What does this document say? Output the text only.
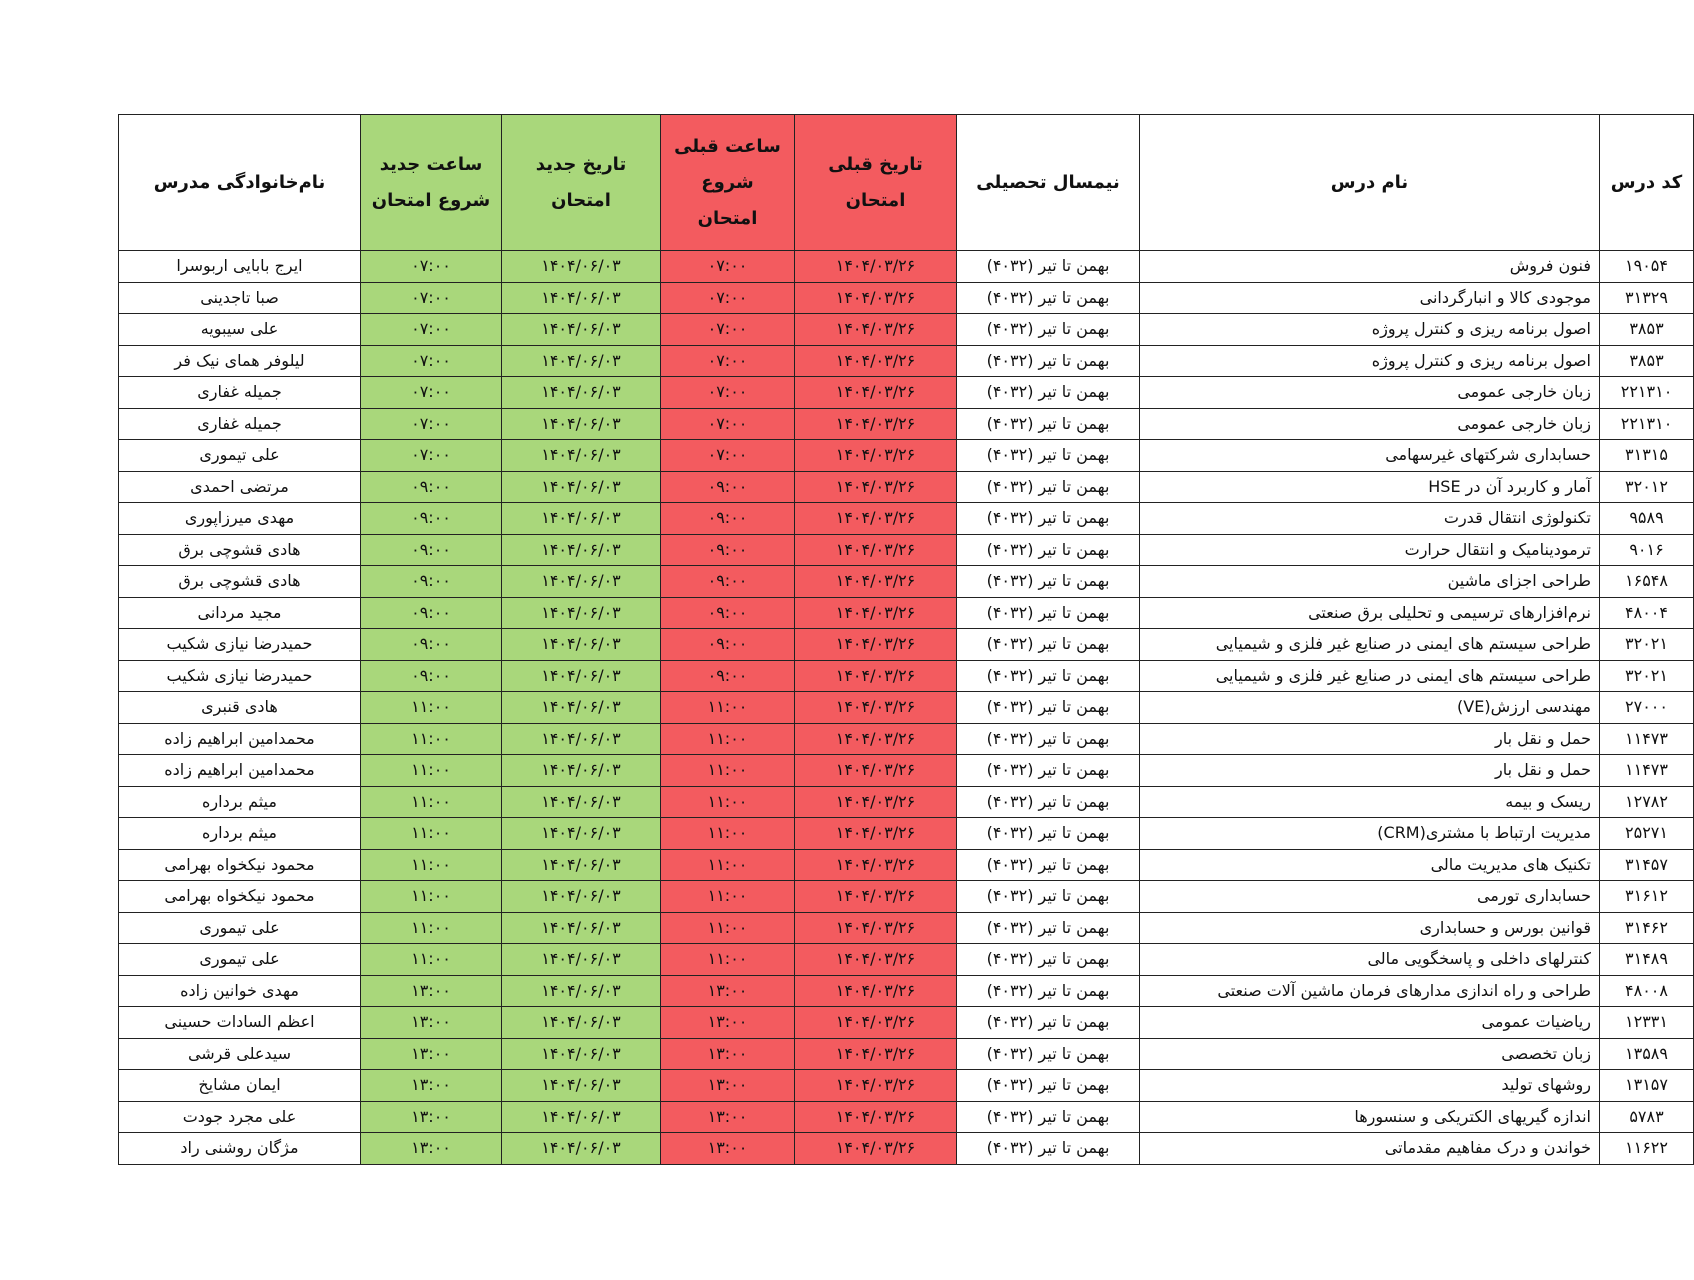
کد درس	نام درس	نیمسال تحصیلی	تاریخ قبلی امتحان	ساعت قبلی شروع امتحان	تاریخ جدید امتحان	ساعت جدید شروع امتحان	نام‌خانوادگی مدرس
۱۹۰۵۴	فنون فروش	بهمن تا تیر (۴۰۳۲)	۱۴۰۴/۰۳/۲۶	۰۷:۰۰	۱۴۰۴/۰۶/۰۳	۰۷:۰۰	ایرج بابایی اربوسرا
۳۱۳۲۹	موجودی کالا و انبارگردانی	بهمن تا تیر (۴۰۳۲)	۱۴۰۴/۰۳/۲۶	۰۷:۰۰	۱۴۰۴/۰۶/۰۳	۰۷:۰۰	صبا تاجدینی
۳۸۵۳	اصول برنامه ریزی و کنترل پروژه	بهمن تا تیر (۴۰۳۲)	۱۴۰۴/۰۳/۲۶	۰۷:۰۰	۱۴۰۴/۰۶/۰۳	۰۷:۰۰	علی سیبویه
۳۸۵۳	اصول برنامه ریزی و کنترل پروژه	بهمن تا تیر (۴۰۳۲)	۱۴۰۴/۰۳/۲۶	۰۷:۰۰	۱۴۰۴/۰۶/۰۳	۰۷:۰۰	لیلوفر همای نیک فر
۲۲۱۳۱۰	زبان خارجی عمومی	بهمن تا تیر (۴۰۳۲)	۱۴۰۴/۰۳/۲۶	۰۷:۰۰	۱۴۰۴/۰۶/۰۳	۰۷:۰۰	جمیله غفاری
۲۲۱۳۱۰	زبان خارجی عمومی	بهمن تا تیر (۴۰۳۲)	۱۴۰۴/۰۳/۲۶	۰۷:۰۰	۱۴۰۴/۰۶/۰۳	۰۷:۰۰	جمیله غفاری
۳۱۳۱۵	حسابداری شرکتهای غیرسهامی	بهمن تا تیر (۴۰۳۲)	۱۴۰۴/۰۳/۲۶	۰۷:۰۰	۱۴۰۴/۰۶/۰۳	۰۷:۰۰	علی تیموری
۳۲۰۱۲	آمار و کاربرد آن در HSE	بهمن تا تیر (۴۰۳۲)	۱۴۰۴/۰۳/۲۶	۰۹:۰۰	۱۴۰۴/۰۶/۰۳	۰۹:۰۰	مرتضی احمدی
۹۵۸۹	تکنولوژی انتقال قدرت	بهمن تا تیر (۴۰۳۲)	۱۴۰۴/۰۳/۲۶	۰۹:۰۰	۱۴۰۴/۰۶/۰۳	۰۹:۰۰	مهدی میرزاپوری
۹۰۱۶	ترمودینامیک و انتقال حرارت	بهمن تا تیر (۴۰۳۲)	۱۴۰۴/۰۳/۲۶	۰۹:۰۰	۱۴۰۴/۰۶/۰۳	۰۹:۰۰	هادی قشوچی برق
۱۶۵۴۸	طراحی اجزای ماشین	بهمن تا تیر (۴۰۳۲)	۱۴۰۴/۰۳/۲۶	۰۹:۰۰	۱۴۰۴/۰۶/۰۳	۰۹:۰۰	هادی قشوچی برق
۴۸۰۰۴	نرم‌افزارهای ترسیمی و تحلیلی برق صنعتی	بهمن تا تیر (۴۰۳۲)	۱۴۰۴/۰۳/۲۶	۰۹:۰۰	۱۴۰۴/۰۶/۰۳	۰۹:۰۰	مجید مردانی
۳۲۰۲۱	طراحی سیستم های ایمنی در صنایع غیر فلزی و شیمیایی	بهمن تا تیر (۴۰۳۲)	۱۴۰۴/۰۳/۲۶	۰۹:۰۰	۱۴۰۴/۰۶/۰۳	۰۹:۰۰	حمیدرضا نیازی شکیب
۳۲۰۲۱	طراحی سیستم های ایمنی در صنایع غیر فلزی و شیمیایی	بهمن تا تیر (۴۰۳۲)	۱۴۰۴/۰۳/۲۶	۰۹:۰۰	۱۴۰۴/۰۶/۰۳	۰۹:۰۰	حمیدرضا نیازی شکیب
۲۷۰۰۰	مهندسی ارزش(VE)	بهمن تا تیر (۴۰۳۲)	۱۴۰۴/۰۳/۲۶	۱۱:۰۰	۱۴۰۴/۰۶/۰۳	۱۱:۰۰	هادی قنبری
۱۱۴۷۳	حمل و نقل بار	بهمن تا تیر (۴۰۳۲)	۱۴۰۴/۰۳/۲۶	۱۱:۰۰	۱۴۰۴/۰۶/۰۳	۱۱:۰۰	محمدامین ابراهیم زاده
۱۱۴۷۳	حمل و نقل بار	بهمن تا تیر (۴۰۳۲)	۱۴۰۴/۰۳/۲۶	۱۱:۰۰	۱۴۰۴/۰۶/۰۳	۱۱:۰۰	محمدامین ابراهیم زاده
۱۲۷۸۲	ریسک و بیمه	بهمن تا تیر (۴۰۳۲)	۱۴۰۴/۰۳/۲۶	۱۱:۰۰	۱۴۰۴/۰۶/۰۳	۱۱:۰۰	میثم برداره
۲۵۲۷۱	مدیریت ارتباط با مشتری(CRM)	بهمن تا تیر (۴۰۳۲)	۱۴۰۴/۰۳/۲۶	۱۱:۰۰	۱۴۰۴/۰۶/۰۳	۱۱:۰۰	میثم برداره
۳۱۴۵۷	تکنیک های مدیریت مالی	بهمن تا تیر (۴۰۳۲)	۱۴۰۴/۰۳/۲۶	۱۱:۰۰	۱۴۰۴/۰۶/۰۳	۱۱:۰۰	محمود نیکخواه بهرامی
۳۱۶۱۲	حسابداری تورمی	بهمن تا تیر (۴۰۳۲)	۱۴۰۴/۰۳/۲۶	۱۱:۰۰	۱۴۰۴/۰۶/۰۳	۱۱:۰۰	محمود نیکخواه بهرامی
۳۱۴۶۲	قوانین بورس و حسابداری	بهمن تا تیر (۴۰۳۲)	۱۴۰۴/۰۳/۲۶	۱۱:۰۰	۱۴۰۴/۰۶/۰۳	۱۱:۰۰	علی تیموری
۳۱۴۸۹	کنترلهای داخلی و پاسخگویی مالی	بهمن تا تیر (۴۰۳۲)	۱۴۰۴/۰۳/۲۶	۱۱:۰۰	۱۴۰۴/۰۶/۰۳	۱۱:۰۰	علی تیموری
۴۸۰۰۸	طراحی و راه اندازی مدارهای فرمان ماشین آلات صنعتی	بهمن تا تیر (۴۰۳۲)	۱۴۰۴/۰۳/۲۶	۱۳:۰۰	۱۴۰۴/۰۶/۰۳	۱۳:۰۰	مهدی خوانین زاده
۱۲۳۳۱	ریاضیات عمومی	بهمن تا تیر (۴۰۳۲)	۱۴۰۴/۰۳/۲۶	۱۳:۰۰	۱۴۰۴/۰۶/۰۳	۱۳:۰۰	اعظم السادات حسینی
۱۳۵۸۹	زبان تخصصی	بهمن تا تیر (۴۰۳۲)	۱۴۰۴/۰۳/۲۶	۱۳:۰۰	۱۴۰۴/۰۶/۰۳	۱۳:۰۰	سیدعلی قرشی
۱۳۱۵۷	روشهای تولید	بهمن تا تیر (۴۰۳۲)	۱۴۰۴/۰۳/۲۶	۱۳:۰۰	۱۴۰۴/۰۶/۰۳	۱۳:۰۰	ایمان مشایخ
۵۷۸۳	اندازه گیریهای الکتریکی و سنسورها	بهمن تا تیر (۴۰۳۲)	۱۴۰۴/۰۳/۲۶	۱۳:۰۰	۱۴۰۴/۰۶/۰۳	۱۳:۰۰	علی مجرد جودت
۱۱۶۲۲	خواندن و درک مفاهیم مقدماتی	بهمن تا تیر (۴۰۳۲)	۱۴۰۴/۰۳/۲۶	۱۳:۰۰	۱۴۰۴/۰۶/۰۳	۱۳:۰۰	مژگان روشنی راد
